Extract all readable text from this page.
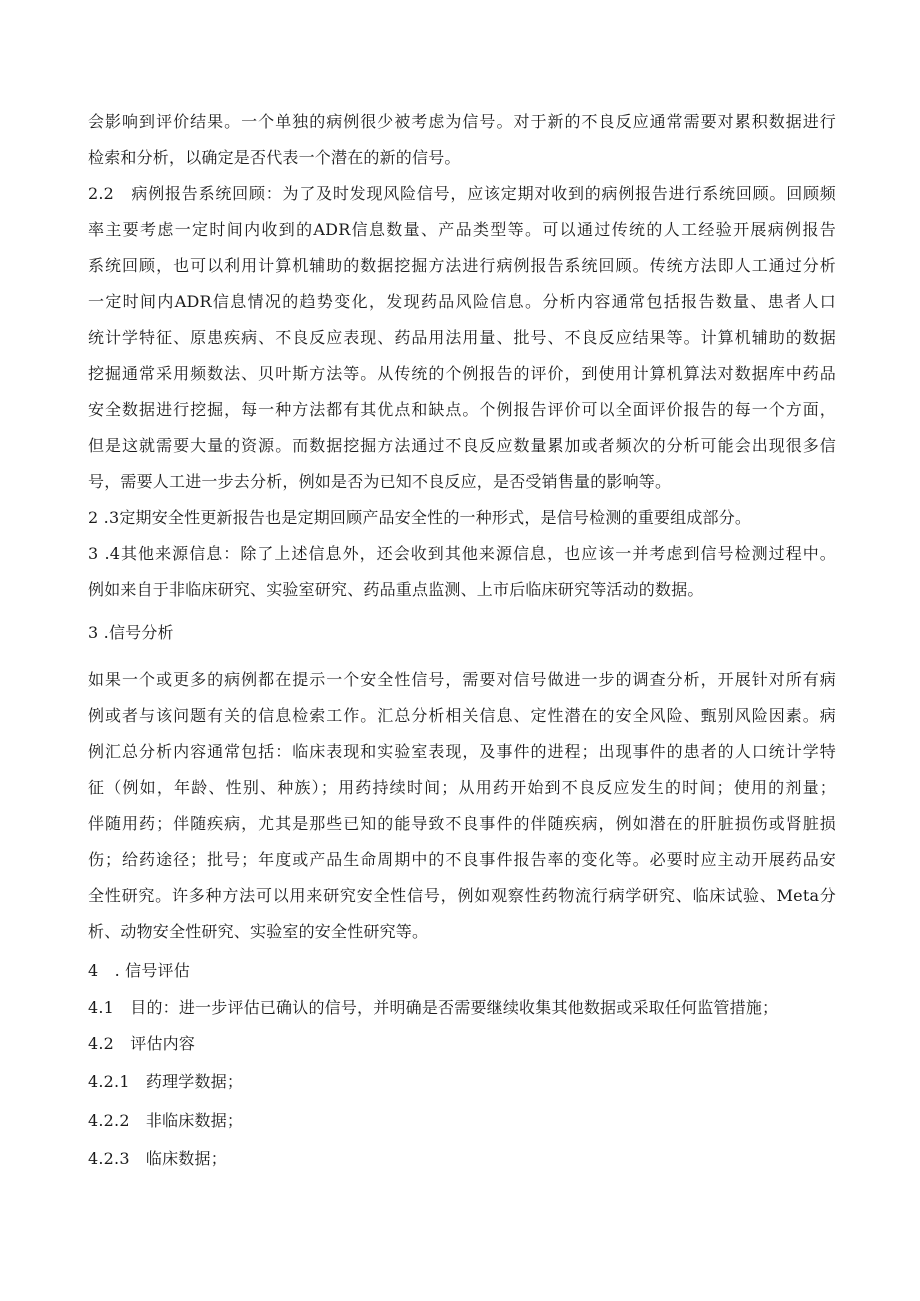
会影响到评价结果。一个单独的病例很少被考虑为信号。对于新的不良反应通常需要对累积数据进行
检索和分析，以确定是否代表一个潜在的新的信号。
2.2　病例报告系统回顾：为了及时发现风险信号，应该定期对收到的病例报告进行系统回顾。回顾频
率主要考虑一定时间内收到的ADR信息数量、产品类型等。可以通过传统的人工经验开展病例报告
系统回顾，也可以利用计算机辅助的数据挖掘方法进行病例报告系统回顾。传统方法即人工通过分析
一定时间内ADR信息情况的趋势变化，发现药品风险信息。分析内容通常包括报告数量、患者人口
统计学特征、原患疾病、不良反应表现、药品用法用量、批号、不良反应结果等。计算机辅助的数据
挖掘通常采用频数法、贝叶斯方法等。从传统的个例报告的评价，到使用计算机算法对数据库中药品
安全数据进行挖掘，每一种方法都有其优点和缺点。个例报告评价可以全面评价报告的每一个方面，
但是这就需要大量的资源。而数据挖掘方法通过不良反应数量累加或者频次的分析可能会出现很多信
号，需要人工进一步去分析，例如是否为已知不良反应，是否受销售量的影响等。
2 .3定期安全性更新报告也是定期回顾产品安全性的一种形式，是信号检测的重要组成部分。
3 .4其他来源信息：除了上述信息外，还会收到其他来源信息，也应该一并考虑到信号检测过程中。
例如来自于非临床研究、实验室研究、药品重点监测、上市后临床研究等活动的数据。
3 .信号分析
如果一个或更多的病例都在提示一个安全性信号，需要对信号做进一步的调查分析，开展针对所有病
例或者与该问题有关的信息检索工作。汇总分析相关信息、定性潜在的安全风险、甄别风险因素。病
例汇总分析内容通常包括：临床表现和实验室表现，及事件的进程；出现事件的患者的人口统计学特
征（例如，年龄、性别、种族）；用药持续时间；从用药开始到不良反应发生的时间；使用的剂量；
伴随用药；伴随疾病，尤其是那些已知的能导致不良事件的伴随疾病，例如潜在的肝脏损伤或肾脏损
伤；给药途径；批号；年度或产品生命周期中的不良事件报告率的变化等。必要时应主动开展药品安
全性研究。许多种方法可以用来研究安全性信号，例如观察性药物流行病学研究、临床试验、Meta分
析、动物安全性研究、实验室的安全性研究等。
4　. 信号评估
4.1　目的：进一步评估已确认的信号，并明确是否需要继续收集其他数据或采取任何监管措施；
4.2　评估内容
4.2.1　药理学数据；
4.2.2　非临床数据；
4.2.3　临床数据；
